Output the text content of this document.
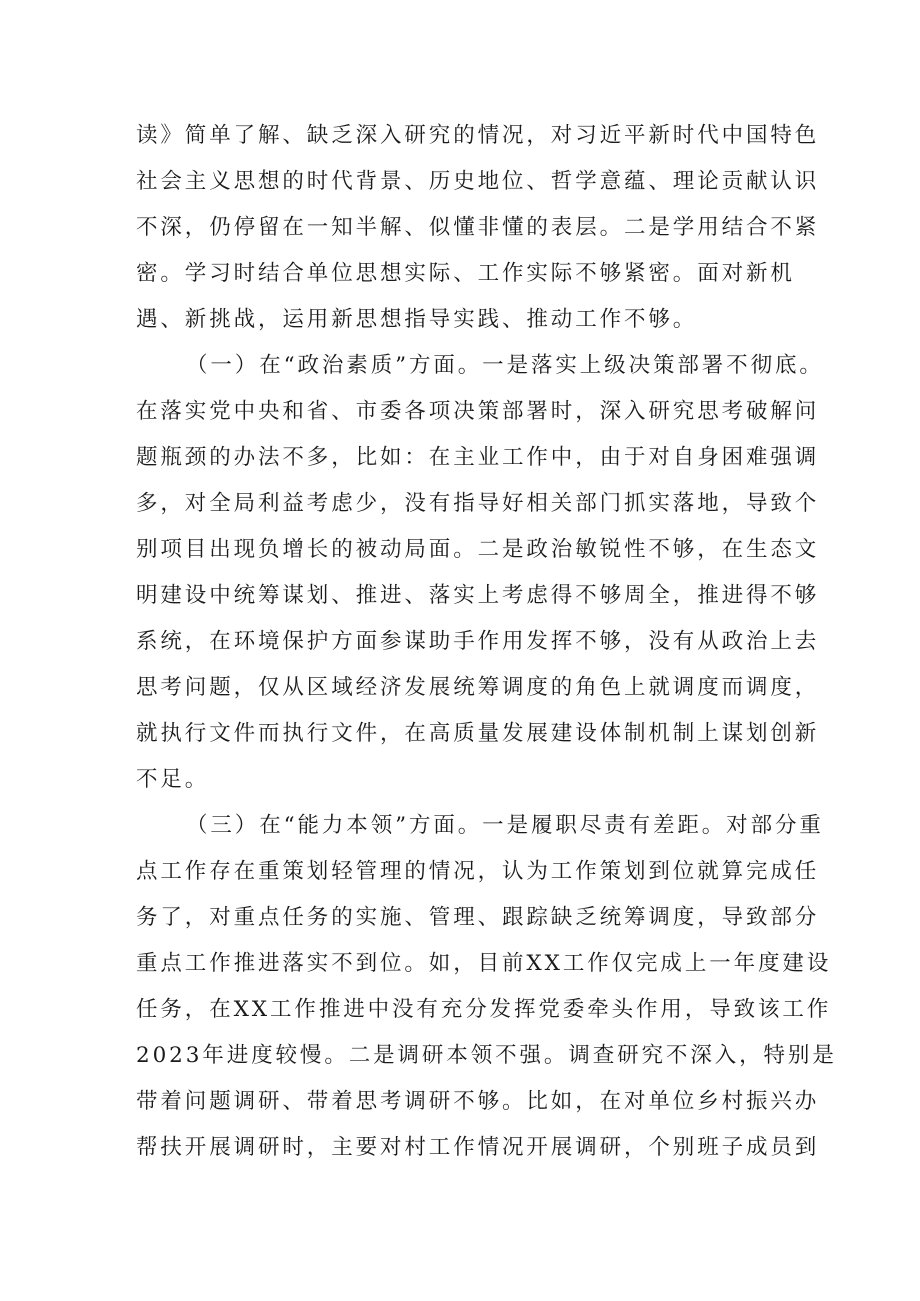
读》简单了解、缺乏深入研究的情况，对习近平新时代中国特色
社会主义思想的时代背景、历史地位、哲学意蕴、理论贡献认识
不深，仍停留在一知半解、似懂非懂的表层。二是学用结合不紧
密。学习时结合单位思想实际、工作实际不够紧密。面对新机
遇、新挑战，运用新思想指导实践、推动工作不够。
（一）在“政治素质”方面。一是落实上级决策部署不彻底。
在落实党中央和省、市委各项决策部署时，深入研究思考破解问
题瓶颈的办法不多，比如：在主业工作中，由于对自身困难强调
多，对全局利益考虑少，没有指导好相关部门抓实落地，导致个
别项目出现负增长的被动局面。二是政治敏锐性不够，在生态文
明建设中统筹谋划、推进、落实上考虑得不够周全，推进得不够
系统，在环境保护方面参谋助手作用发挥不够，没有从政治上去
思考问题，仅从区域经济发展统筹调度的角色上就调度而调度，
就执行文件而执行文件，在高质量发展建设体制机制上谋划创新
不足。
（三）在“能力本领”方面。一是履职尽责有差距。对部分重
点工作存在重策划轻管理的情况，认为工作策划到位就算完成任
务了，对重点任务的实施、管理、跟踪缺乏统筹调度，导致部分
重点工作推进落实不到位。如，目前XX工作仅完成上一年度建设
任务，在XX工作推进中没有充分发挥党委牵头作用，导致该工作
2023年进度较慢。二是调研本领不强。调查研究不深入，特别是
带着问题调研、带着思考调研不够。比如，在对单位乡村振兴办
帮扶开展调研时，主要对村工作情况开展调研，个别班子成员到
